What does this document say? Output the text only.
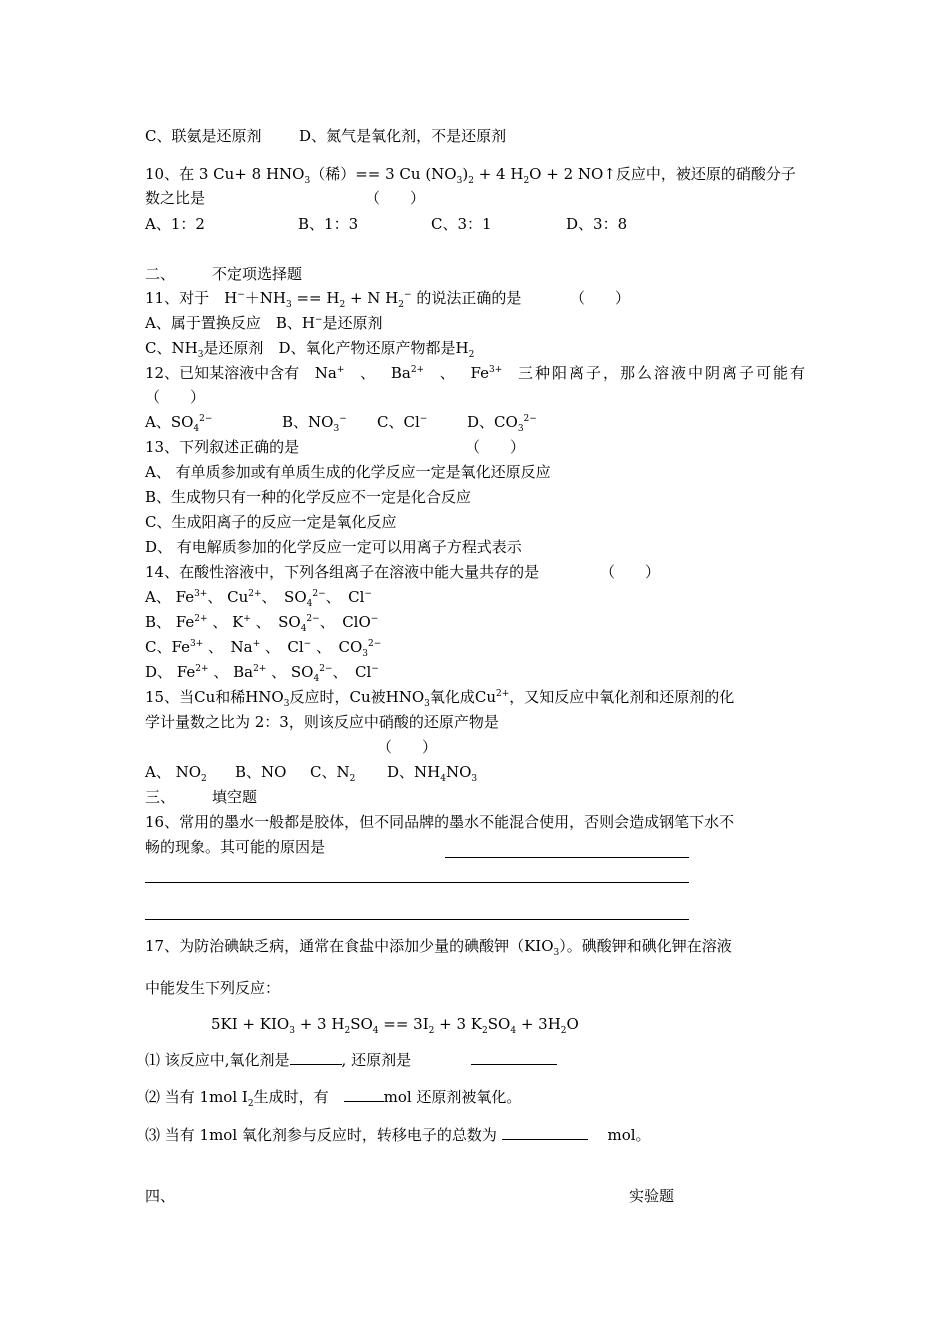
C、联氨是还原剂	D、氮气是氧化剂，不是还原剂
10、在 3 Cu+ 8 $HNO_3$（稀）== 3 Cu $(NO_3)_2 + 4$ $H_2O + 2$ NO↑反应中，被还原的硝酸分子
数之比是	（　　）
A、1：2	B、1：3	C、3：1	D、3：8
二、 不定项选择题
11、对于　$H^-+NH_3 == H_2 + N$ $H_2^-$ 的说法正确的是	（　　）
A、属于置换反应　 B、H−是还原剂
C、$NH_3$是还原剂　 D、氧化产物还原产物都是$H_2$
12、已知某溶液中含有 Na+ 、 $Ba^{2+}$ 、 $Fe^{3+}$ 三种阳离子，那么溶液中阴离子可能有
（　　）
A、$SO_4^{2-}$	B、$NO_3^-$ C、Cl−	D、$CO_3^{2-}$
13、下列叙述正确的是	（　　）
A、 有单质参加或有单质生成的化学反应一定是氧化还原反应
B、生成物只有一种的化学反应不一定是化合反应
C、生成阳离子的反应一定是氧化反应
D、 有电解质参加的化学反应一定可以用离子方程式表示
14、在酸性溶液中，下列各组离子在溶液中能大量共存的是	（　　）
A、 $Fe^{3+}$、 $Cu^{2+}$、　$SO_4^{2-}$、　Cl−
B、 $Fe^{2+}$ 、 K+ 、　$SO_4^{2-}$、　ClO−
C、$Fe^{3+}$ 、　Na+ 、　Cl− 、　$CO_3^{2-}$
D、 $Fe^{2+}$ 、 $Ba^{2+}$ 、 $SO_4^{2-}$、　Cl−
15、当Cu和稀$HNO_3$反应时，Cu被$HNO_3$氧化成$Cu^{2+}$，又知反应中氧化剂和还原剂的化
学计量数之比为 2：3，则该反应中硝酸的还原产物是
（　　）
A、 $NO_2$ B、NO C、$N_2$ D、$NH_4NO_3$
三、 填空题
16、常用的墨水一般都是胶体，但不同品牌的墨水不能混合使用，否则会造成钢笔下水不
畅的现象。其可能的原因是
17、为防治碘缺乏病，通常在食盐中添加少量的碘酸钾$(KIO_3)$。碘酸钾和碘化钾在溶液
中能发生下列反应：
$5KI + KIO_3 + 3$ $H_2SO_4 == 3I_2 + 3$ $K_2SO_4 + 3H_2O$
⑴ 该反应中,氧化剂是	, 还原剂是
⑵ 当有 1mol $I_2$生成时，有　	mol 还原剂被氧化。
⑶ 当有 1mol 氧化剂参与反应时，转移电子的总数为 　	mol。
四、	实验题
